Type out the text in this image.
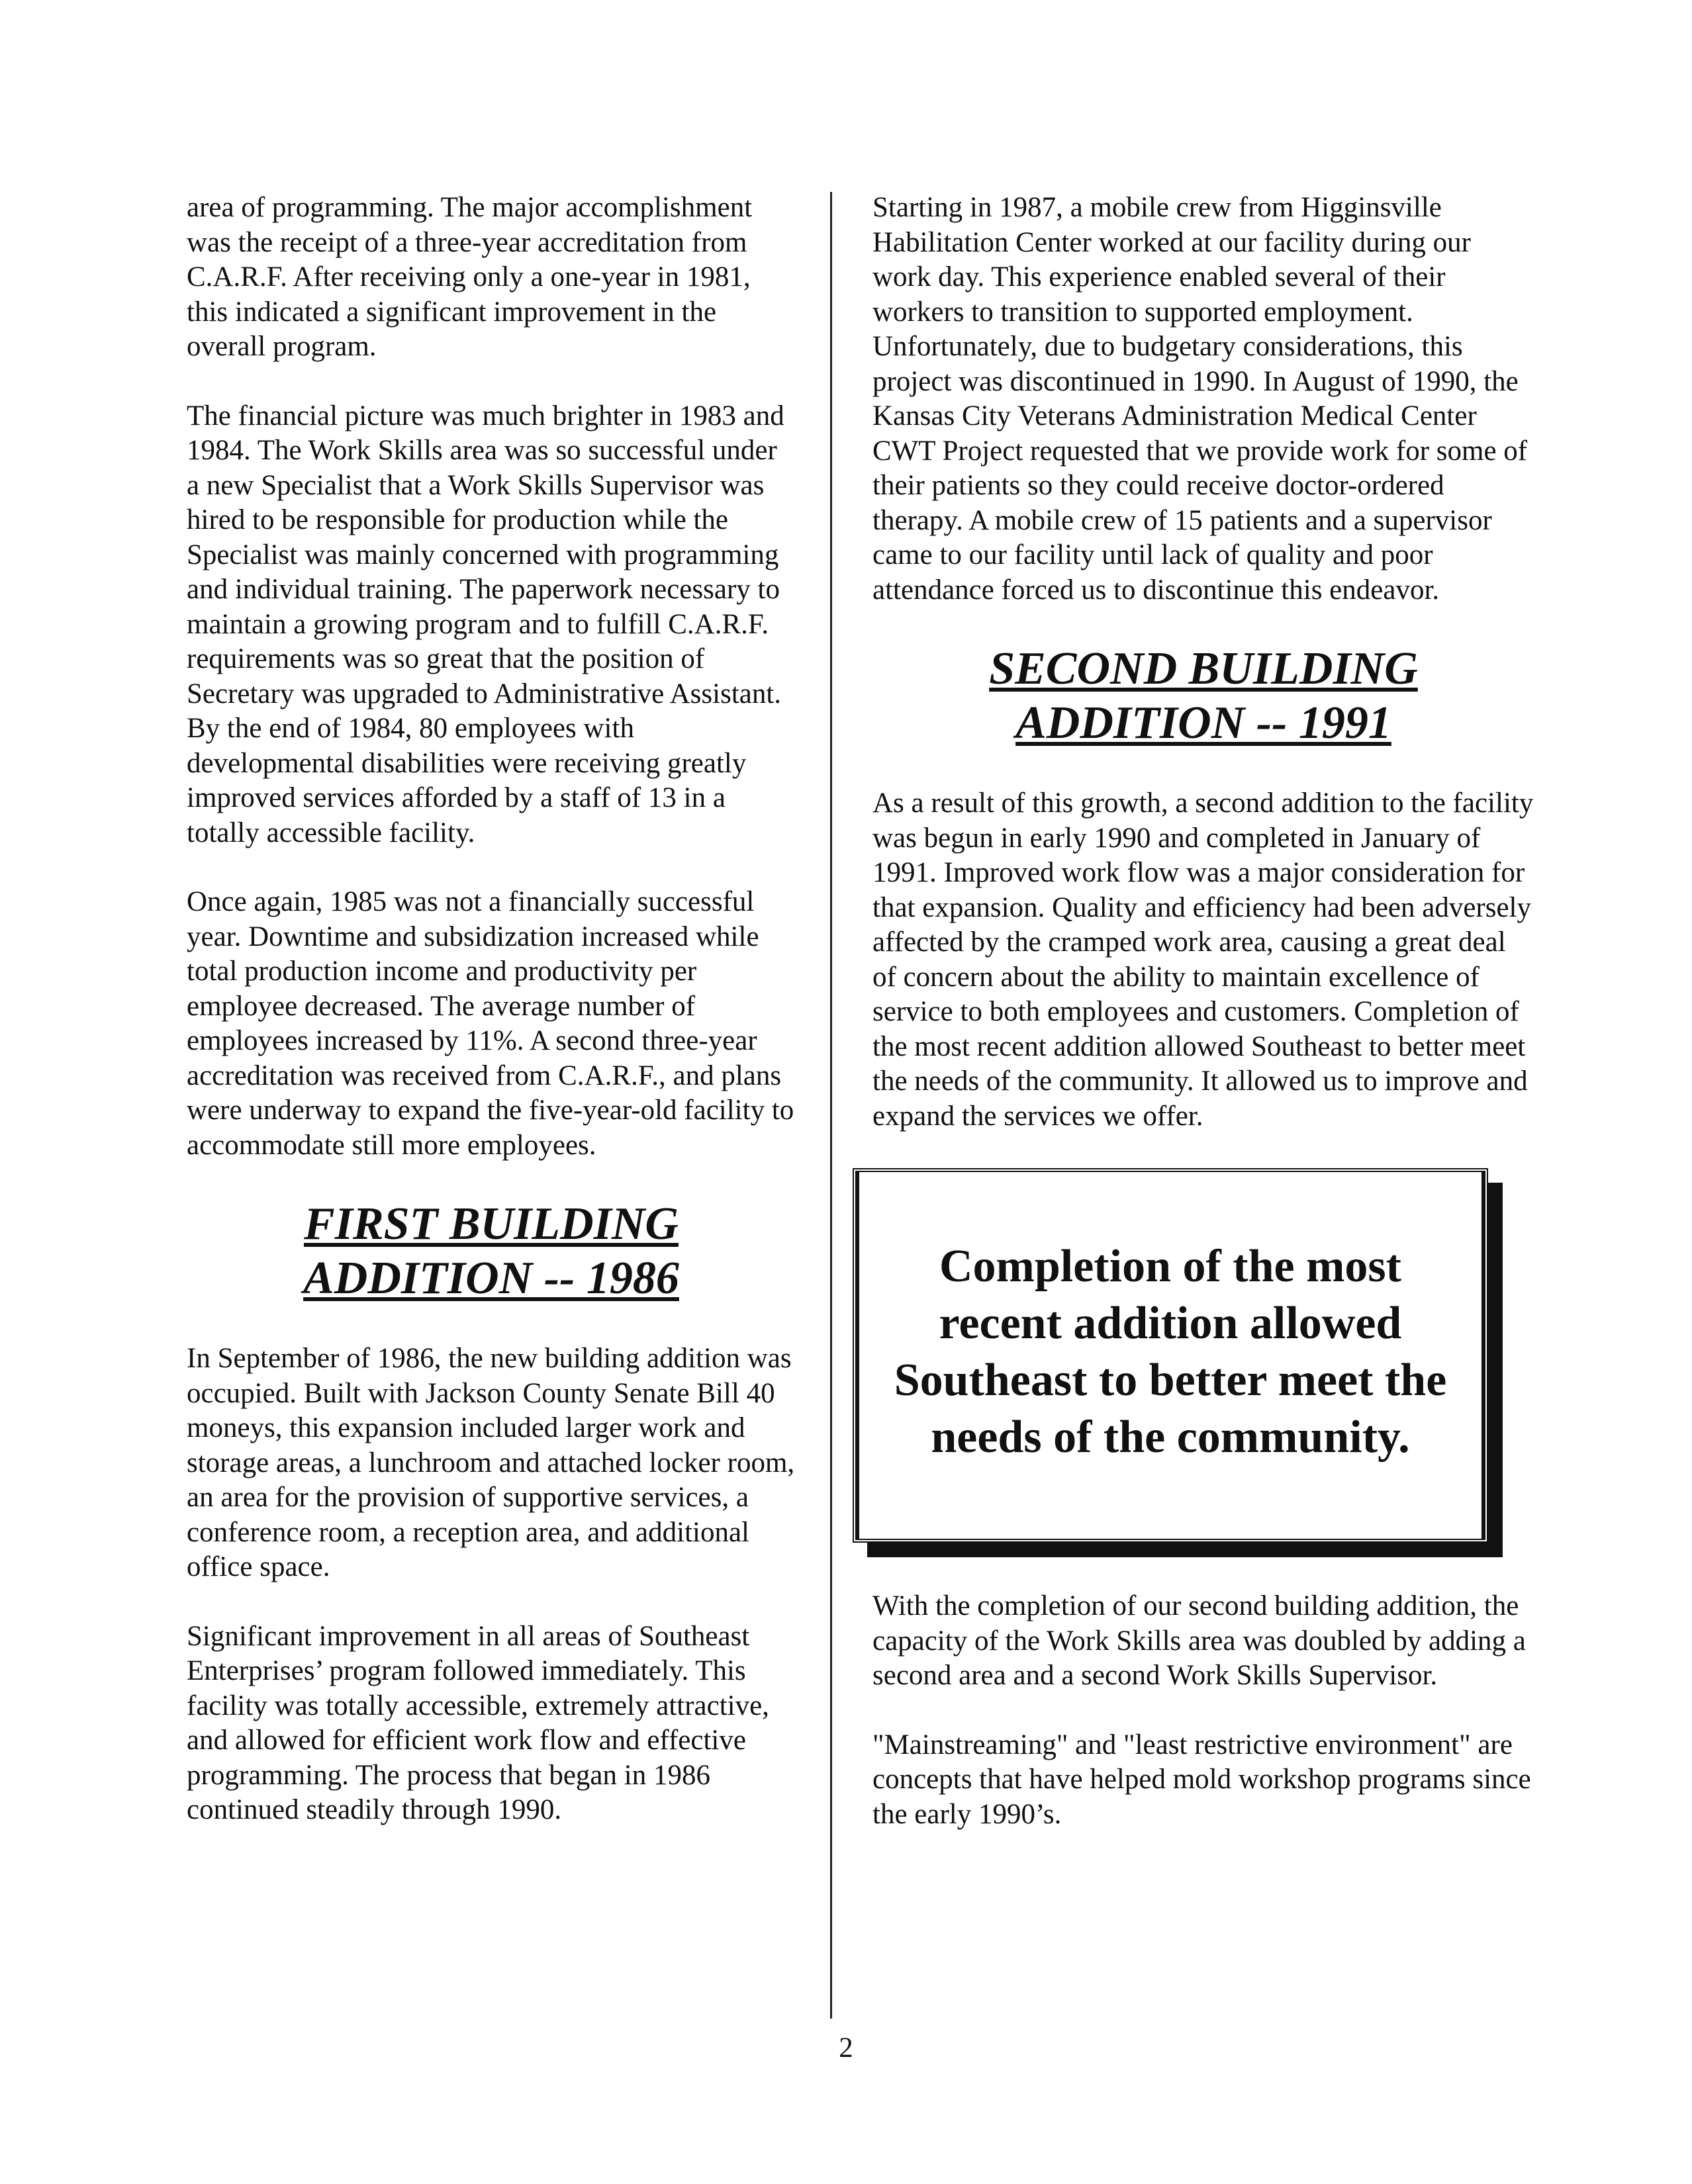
area of programming. The major accomplishment was the receipt of a three-year accreditation from C.A.R.F. After receiving only a one-year in 1981, this indicated a significant improvement in the overall program.

The financial picture was much brighter in 1983 and 1984. The Work Skills area was so successful under a new Specialist that a Work Skills Supervisor was hired to be responsible for production while the Specialist was mainly concerned with programming and individual training. The paperwork necessary to maintain a growing program and to fulfill C.A.R.F. requirements was so great that the position of Secretary was upgraded to Administrative Assistant. By the end of 1984, 80 employees with developmental disabilities were receiving greatly improved services afforded by a staff of 13 in a totally accessible facility.

Once again, 1985 was not a financially successful year. Downtime and subsidization increased while total production income and productivity per employee decreased. The average number of employees increased by 11%. A second three-year accreditation was received from C.A.R.F., and plans were underway to expand the five-year-old facility to accommodate still more employees.

FIRST BUILDING
ADDITION -- 1986

In September of 1986, the new building addition was occupied. Built with Jackson County Senate Bill 40 moneys, this expansion included larger work and storage areas, a lunchroom and attached locker room, an area for the provision of supportive services, a conference room, a reception area, and additional office space.

Significant improvement in all areas of Southeast Enterprises’ program followed immediately. This facility was totally accessible, extremely attractive, and allowed for efficient work flow and effective programming. The process that began in 1986 continued steadily through 1990.

Starting in 1987, a mobile crew from Higginsville Habilitation Center worked at our facility during our work day. This experience enabled several of their workers to transition to supported employment. Unfortunately, due to budgetary considerations, this project was discontinued in 1990. In August of 1990, the Kansas City Veterans Administration Medical Center CWT Project requested that we provide work for some of their patients so they could receive doctor-ordered therapy. A mobile crew of 15 patients and a supervisor came to our facility until lack of quality and poor attendance forced us to discontinue this endeavor.

SECOND BUILDING
ADDITION -- 1991

As a result of this growth, a second addition to the facility was begun in early 1990 and completed in January of 1991. Improved work flow was a major consideration for that expansion. Quality and efficiency had been adversely affected by the cramped work area, causing a great deal of concern about the ability to maintain excellence of service to both employees and customers. Completion of the most recent addition allowed Southeast to better meet the needs of the community. It allowed us to improve and expand the services we offer.

Completion of the most recent addition allowed Southeast to better meet the needs of the community.

With the completion of our second building addition, the capacity of the Work Skills area was doubled by adding a second area and a second Work Skills Supervisor.

"Mainstreaming" and "least restrictive environment" are concepts that have helped mold workshop programs since the early 1990’s.

2
